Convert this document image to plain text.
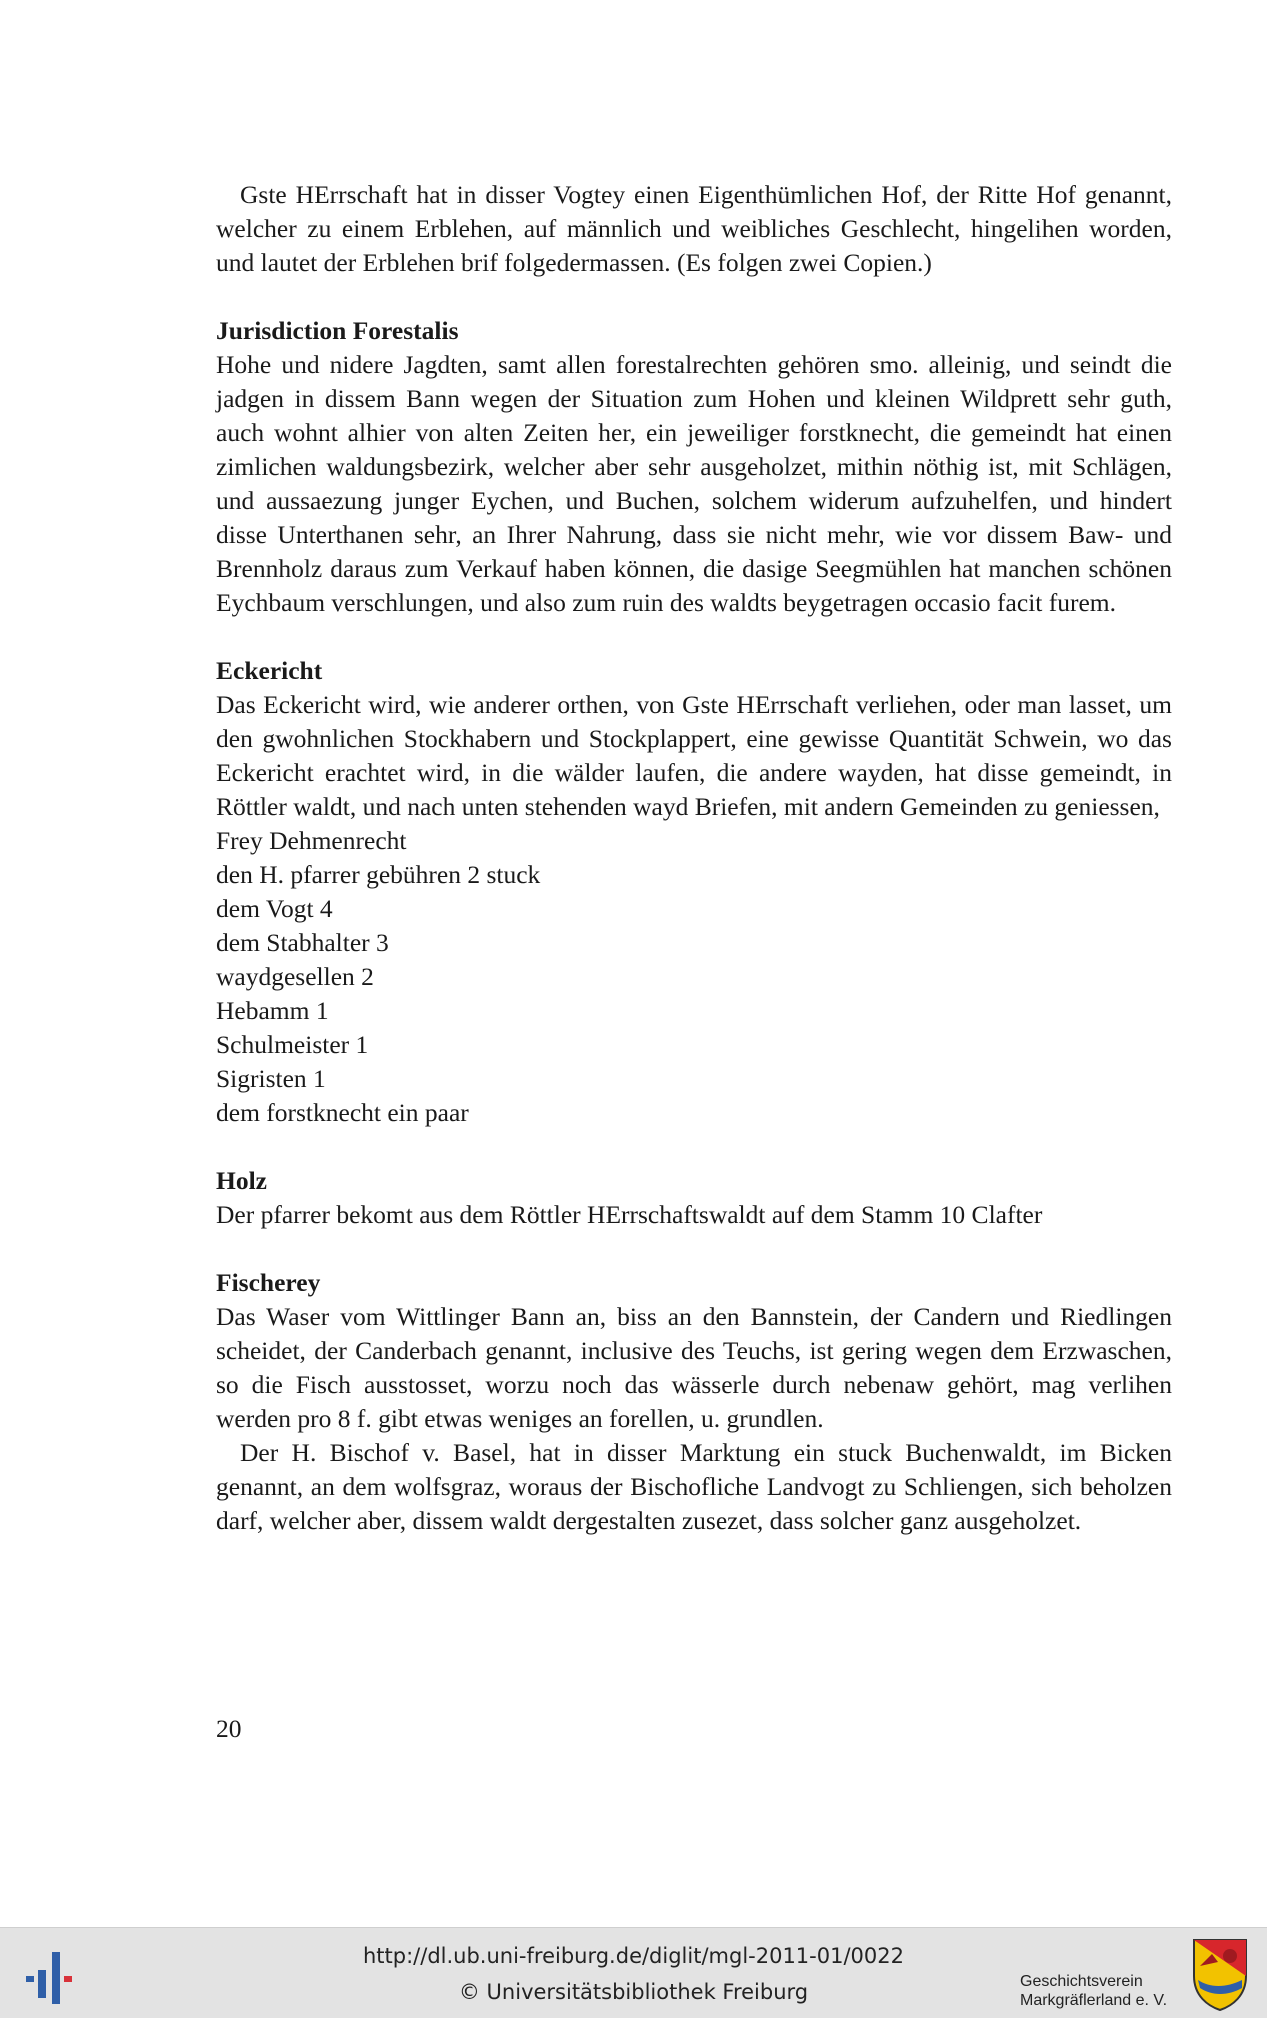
Gste HErrschaft hat in disser Vogtey einen Eigenthümlichen Hof, der Ritte Hof genannt, welcher zu einem Erblehen, auf männlich und weibliches Geschlecht, hingelihen worden, und lautet der Erblehen brif folgedermassen. (Es folgen zwei Copien.)

Jurisdiction Forestalis

Hohe und nidere Jagdten, samt allen forestalrechten gehören smo. alleinig, und seindt die jadgen in dissem Bann wegen der Situation zum Hohen und kleinen Wildprett sehr guth, auch wohnt alhier von alten Zeiten her, ein jeweiliger forstknecht, die gemeindt hat einen zimlichen waldungsbezirk, welcher aber sehr ausgeholzet, mithin nöthig ist, mit Schlägen, und aussaezung junger Eychen, und Buchen, solchem widerum aufzuhelfen, und hindert disse Unterthanen sehr, an Ihrer Nahrung, dass sie nicht mehr, wie vor dissem Baw- und Brennholz daraus zum Verkauf haben können, die dasige Seegmühlen hat manchen schönen Eychbaum verschlungen, und also zum ruin des waldts beygetragen occasio facit furem.

Eckericht

Das Eckericht wird, wie anderer orthen, von Gste HErrschaft verliehen, oder man lasset, um den gwohnlichen Stockhabern und Stockplappert, eine gewisse Quantität Schwein, wo das Eckericht erachtet wird, in die wälder laufen, die andere wayden, hat disse gemeindt, in Röttler waldt, und nach unten stehenden wayd Briefen, mit andern Gemeinden zu geniessen,

Frey Dehmenrecht

den H. pfarrer gebühren 2 stuck

dem Vogt 4

dem Stabhalter 3

waydgesellen 2

Hebamm 1

Schulmeister 1

Sigristen 1

dem forstknecht ein paar

Holz

Der pfarrer bekomt aus dem Röttler HErrschaftswaldt auf dem Stamm 10 Clafter

Fischerey

Das Waser vom Wittlinger Bann an, biss an den Bannstein, der Candern und Riedlingen scheidet, der Canderbach genannt, inclusive des Teuchs, ist gering wegen dem Erzwaschen, so die Fisch ausstosset, worzu noch das wässerle durch nebenaw gehört, mag verlihen werden pro 8 f. gibt etwas weniges an forellen, u. grundlen.

Der H. Bischof v. Basel, hat in disser Marktung ein stuck Buchenwaldt, im Bicken genannt, an dem wolfsgraz, woraus der Bischofliche Landvogt zu Schliengen, sich beholzen darf, welcher aber, dissem waldt dergestalten zusezet, dass solcher ganz ausgeholzet.

20
http://dl.ub.uni-freiburg.de/diglit/mgl-2011-01/0022
© Universitätsbibliothek Freiburg	Geschichtsverein
Markgräflerland e. V.
